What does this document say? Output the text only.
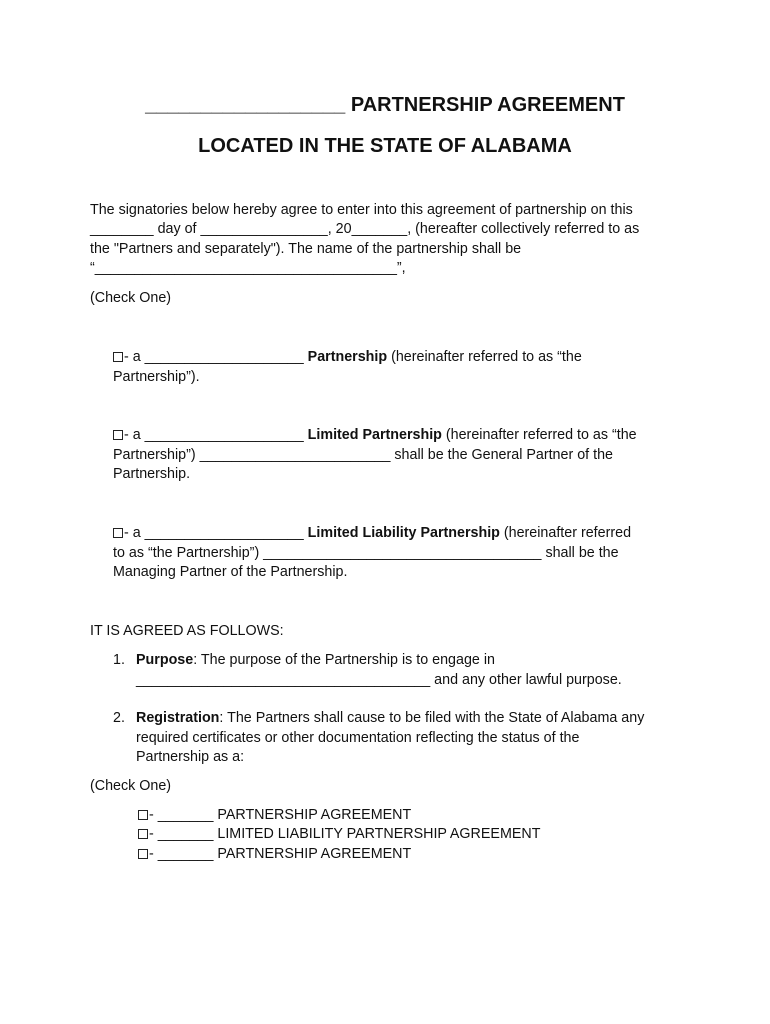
__________________ PARTNERSHIP AGREEMENT
LOCATED IN THE STATE OF ALABAMA
The signatories below hereby agree to enter into this agreement of partnership on this
________ day of ________________, 20_______, (hereafter collectively referred to as
the "Partners and separately"). The name of the partnership shall be
“______________________________________”,
(Check One)
- a ____________________ Partnership (hereinafter referred to as “the
Partnership”).
- a ____________________ Limited Partnership (hereinafter referred to as “the
Partnership”) ________________________ shall be the General Partner of the
Partnership.
- a ____________________ Limited Liability Partnership (hereinafter referred
to as “the Partnership”) ___________________________________ shall be the
Managing Partner of the Partnership.
IT IS AGREED AS FOLLOWS:
1. Purpose: The purpose of the Partnership is to engage in
_____________________________________ and any other lawful purpose.
2. Registration: The Partners shall cause to be filed with the State of Alabama any
required certificates or other documentation reflecting the status of the
Partnership as a:
(Check One)
- _______ PARTNERSHIP AGREEMENT
- _______ LIMITED LIABILITY PARTNERSHIP AGREEMENT
- _______ PARTNERSHIP AGREEMENT
